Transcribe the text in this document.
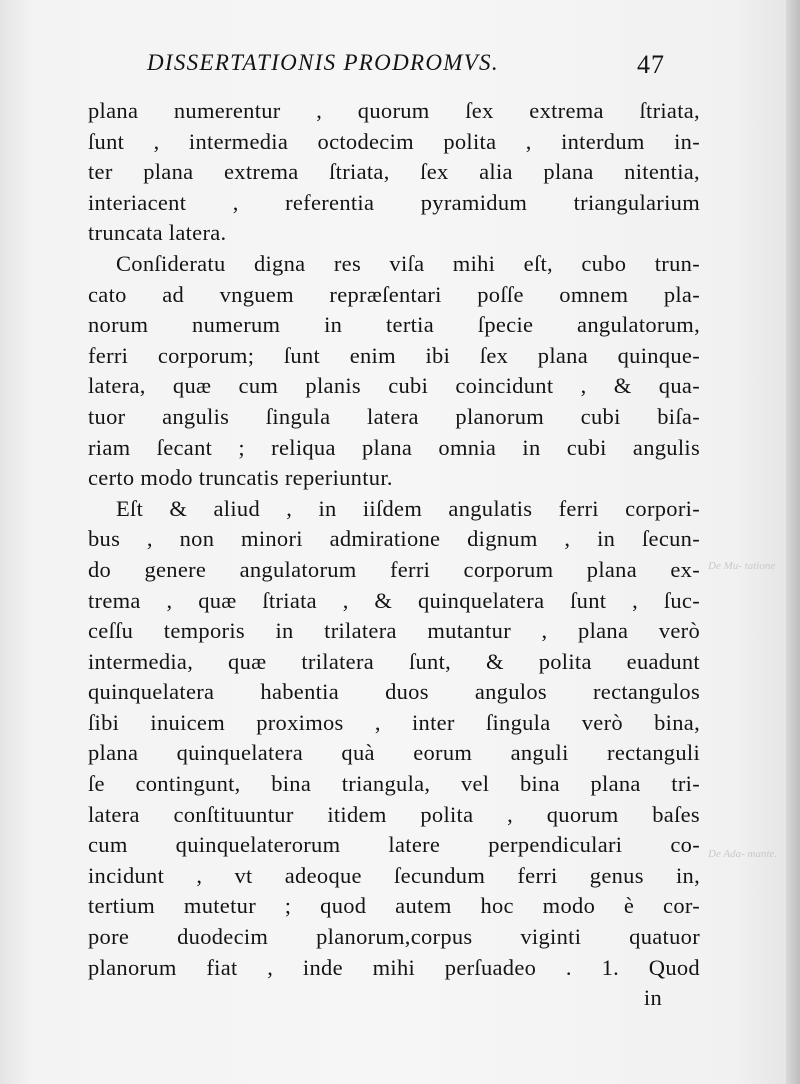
DISSERTATIONIS PRODROMVS.	47
plana numerentur , quorum ſex extrema ſtriata,
ſunt , intermedia octodecim polita , interdum in-
ter plana extrema ſtriata, ſex alia plana nitentia,
interiacent , referentia pyramidum triangularium
truncata latera.
Conſideratu digna res viſa mihi eſt, cubo trun-
cato ad vnguem repræſentari poſſe omnem pla-
norum numerum in tertia ſpecie angulatorum,
ferri corporum; ſunt enim ibi ſex plana quinque-
latera, quæ cum planis cubi coincidunt , & qua-
tuor angulis ſingula latera planorum cubi biſa-
riam ſecant ; reliqua plana omnia in cubi angulis
certo modo truncatis reperiuntur.
Eſt & aliud , in iiſdem angulatis ferri corpori-
bus , non minori admiratione dignum , in ſecun-
do genere angulatorum ferri corporum plana ex-
trema , quæ ſtriata , & quinquelatera ſunt , ſuc-
ceſſu temporis in trilatera mutantur , plana verò
intermedia, quæ trilatera ſunt, & polita euadunt
quinquelatera habentia duos angulos rectangulos
ſibi inuicem proximos , inter ſingula verò bina,
plana quinquelatera quà eorum anguli rectanguli
ſe contingunt, bina triangula, vel bina plana tri-
latera conſtituuntur itidem polita , quorum baſes
cum quinquelaterorum latere perpendiculari co-
incidunt , vt adeoque ſecundum ferri genus in,
tertium mutetur ; quod autem hoc modo è cor-
pore duodecim planorum,corpus viginti quatuor
planorum fiat , inde mihi perſuadeo . 1. Quod
in
De Mu- tatione
De Ada- mante.
